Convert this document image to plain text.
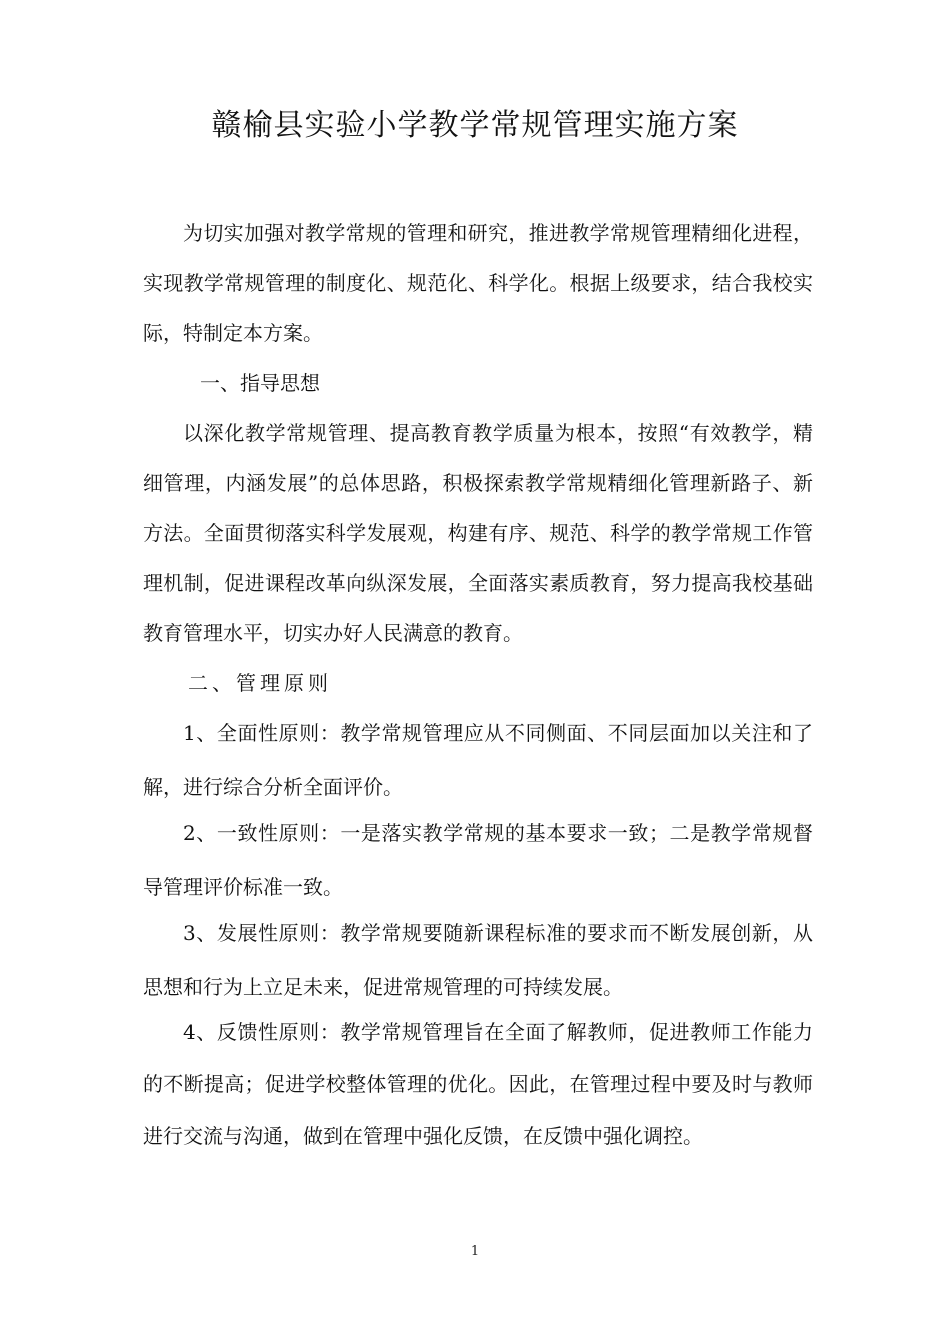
赣榆县实验小学教学常规管理实施方案

为切实加强对教学常规的管理和研究，推进教学常规管理精细化进程，实现教学常规管理的制度化、规范化、科学化。根据上级要求，结合我校实际，特制定本方案。

一、指导思想

以深化教学常规管理、提高教育教学质量为根本，按照“有效教学，精细管理，内涵发展”的总体思路，积极探索教学常规精细化管理新路子、新方法。全面贯彻落实科学发展观，构建有序、规范、科学的教学常规工作管理机制，促进课程改革向纵深发展，全面落实素质教育，努力提高我校基础教育管理水平，切实办好人民满意的教育。

二、管理原则

1、全面性原则：教学常规管理应从不同侧面、不同层面加以关注和了解，进行综合分析全面评价。

2、一致性原则：一是落实教学常规的基本要求一致；二是教学常规督导管理评价标准一致。

3、发展性原则：教学常规要随新课程标准的要求而不断发展创新，从思想和行为上立足未来，促进常规管理的可持续发展。

4、反馈性原则：教学常规管理旨在全面了解教师，促进教师工作能力的不断提高；促进学校整体管理的优化。因此，在管理过程中要及时与教师进行交流与沟通，做到在管理中强化反馈，在反馈中强化调控。

1
